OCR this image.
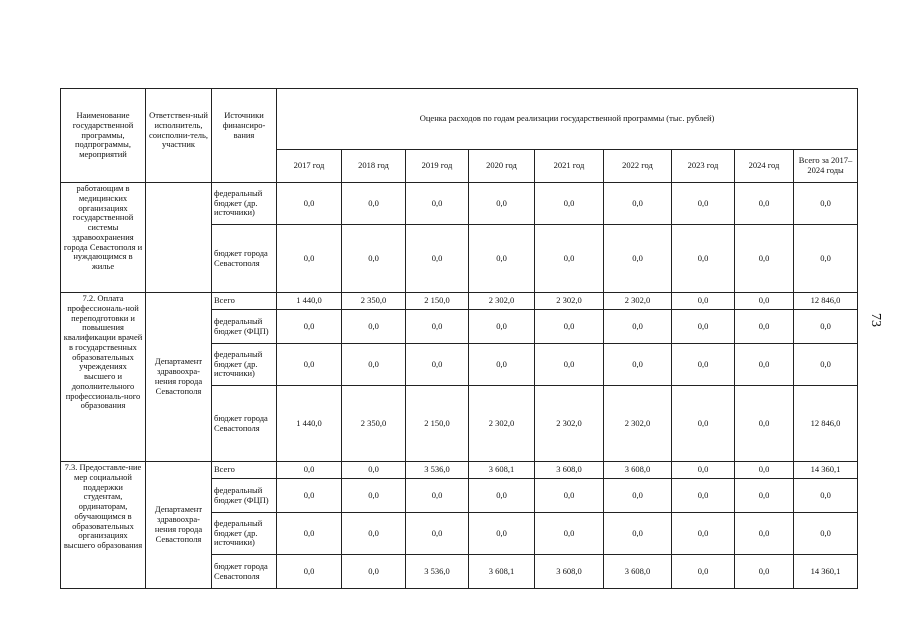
73
Наименование государственной программы, подпрограммы, мероприятий	Ответствен-ный исполнитель, соисполни-тель, участник	Источники финансиро-вания	Оценка расходов по годам реализации государственной программы (тыс. рублей)								
			2017 год	2018 год	2019 год	2020 год	2021 год	2022 год	2023 год	2024 год	Всего за 2017–2024 годы
работающим в медицинских организациях государственной системы здравоохранения города Севастополя и нуждающимся в жилье		федеральный бюджет (др. источники)	0,0	0,0	0,0	0,0	0,0	0,0	0,0	0,0	0,0
		бюджет города Севастополя	0,0	0,0	0,0	0,0	0,0	0,0	0,0	0,0	0,0
7.2. Оплата профессиональ-ной переподготовки и повышения квалификации врачей в государственных образовательных учреждениях высшего и дополнительного профессиональ-ного образования	Департамент здравоохра-нения города Севастополя	Всего	1 440,0	2 350,0	2 150,0	2 302,0	2 302,0	2 302,0	0,0	0,0	12 846,0
		федеральный бюджет (ФЦП)	0,0	0,0	0,0	0,0	0,0	0,0	0,0	0,0	0,0
		федеральный бюджет (др. источники)	0,0	0,0	0,0	0,0	0,0	0,0	0,0	0,0	0,0
		бюджет города Севастополя	1 440,0	2 350,0	2 150,0	2 302,0	2 302,0	2 302,0	0,0	0,0	12 846,0
7.3. Предоставле-ние мер социальной поддержки студентам, ординаторам, обучающимся в образовательных организациях высшего образования	Департамент здравоохра-нения города Севастополя	Всего	0,0	0,0	3 536,0	3 608,1	3 608,0	3 608,0	0,0	0,0	14 360,1
		федеральный бюджет (ФЦП)	0,0	0,0	0,0	0,0	0,0	0,0	0,0	0,0	0,0
		федеральный бюджет (др. источники)	0,0	0,0	0,0	0,0	0,0	0,0	0,0	0,0	0,0
		бюджет города Севастополя	0,0	0,0	3 536,0	3 608,1	3 608,0	3 608,0	0,0	0,0	14 360,1
